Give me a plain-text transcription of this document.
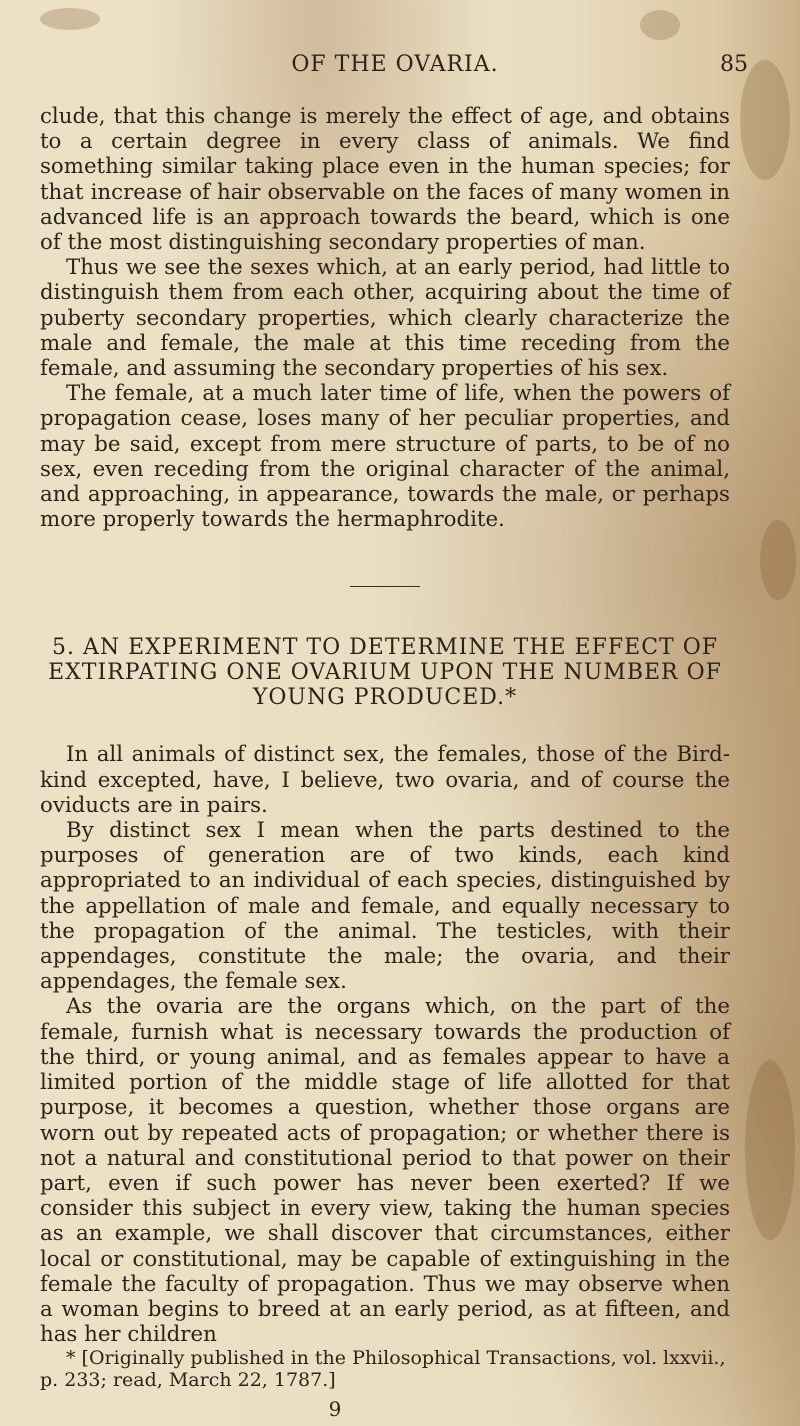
OF THE OVARIA.	85

clude, that this change is merely the effect of age, and obtains to a certain degree in every class of animals. We find something similar taking place even in the human species; for that increase of hair observable on the faces of many women in advanced life is an approach towards the beard, which is one of the most distinguishing secondary properties of man.

Thus we see the sexes which, at an early period, had little to distinguish them from each other, acquiring about the time of puberty secondary properties, which clearly characterize the male and female, the male at this time receding from the female, and assuming the secondary properties of his sex.

The female, at a much later time of life, when the powers of propagation cease, loses many of her peculiar properties, and may be said, except from mere structure of parts, to be of no sex, even receding from the original character of the animal, and approaching, in appearance, towards the male, or perhaps more properly towards the hermaphrodite.

5. AN EXPERIMENT TO DETERMINE THE EFFECT OF EXTIRPATING ONE OVARIUM UPON THE NUMBER OF YOUNG PRODUCED.*

In all animals of distinct sex, the females, those of the Bird-kind excepted, have, I believe, two ovaria, and of course the oviducts are in pairs.

By distinct sex I mean when the parts destined to the purposes of generation are of two kinds, each kind appropriated to an individual of each species, distinguished by the appellation of male and female, and equally necessary to the propagation of the animal. The testicles, with their appendages, constitute the male; the ovaria, and their appendages, the female sex.

As the ovaria are the organs which, on the part of the female, furnish what is necessary towards the production of the third, or young animal, and as females appear to have a limited portion of the middle stage of life allotted for that purpose, it becomes a question, whether those organs are worn out by repeated acts of propagation; or whether there is not a natural and constitutional period to that power on their part, even if such power has never been exerted? If we consider this subject in every view, taking the human species as an example, we shall discover that circumstances, either local or constitutional, may be capable of extinguishing in the female the faculty of propagation. Thus we may observe when a woman begins to breed at an early period, as at fifteen, and has her children

* [Originally published in the Philosophical Transactions, vol. lxxvii., p. 233; read, March 22, 1787.]

9
